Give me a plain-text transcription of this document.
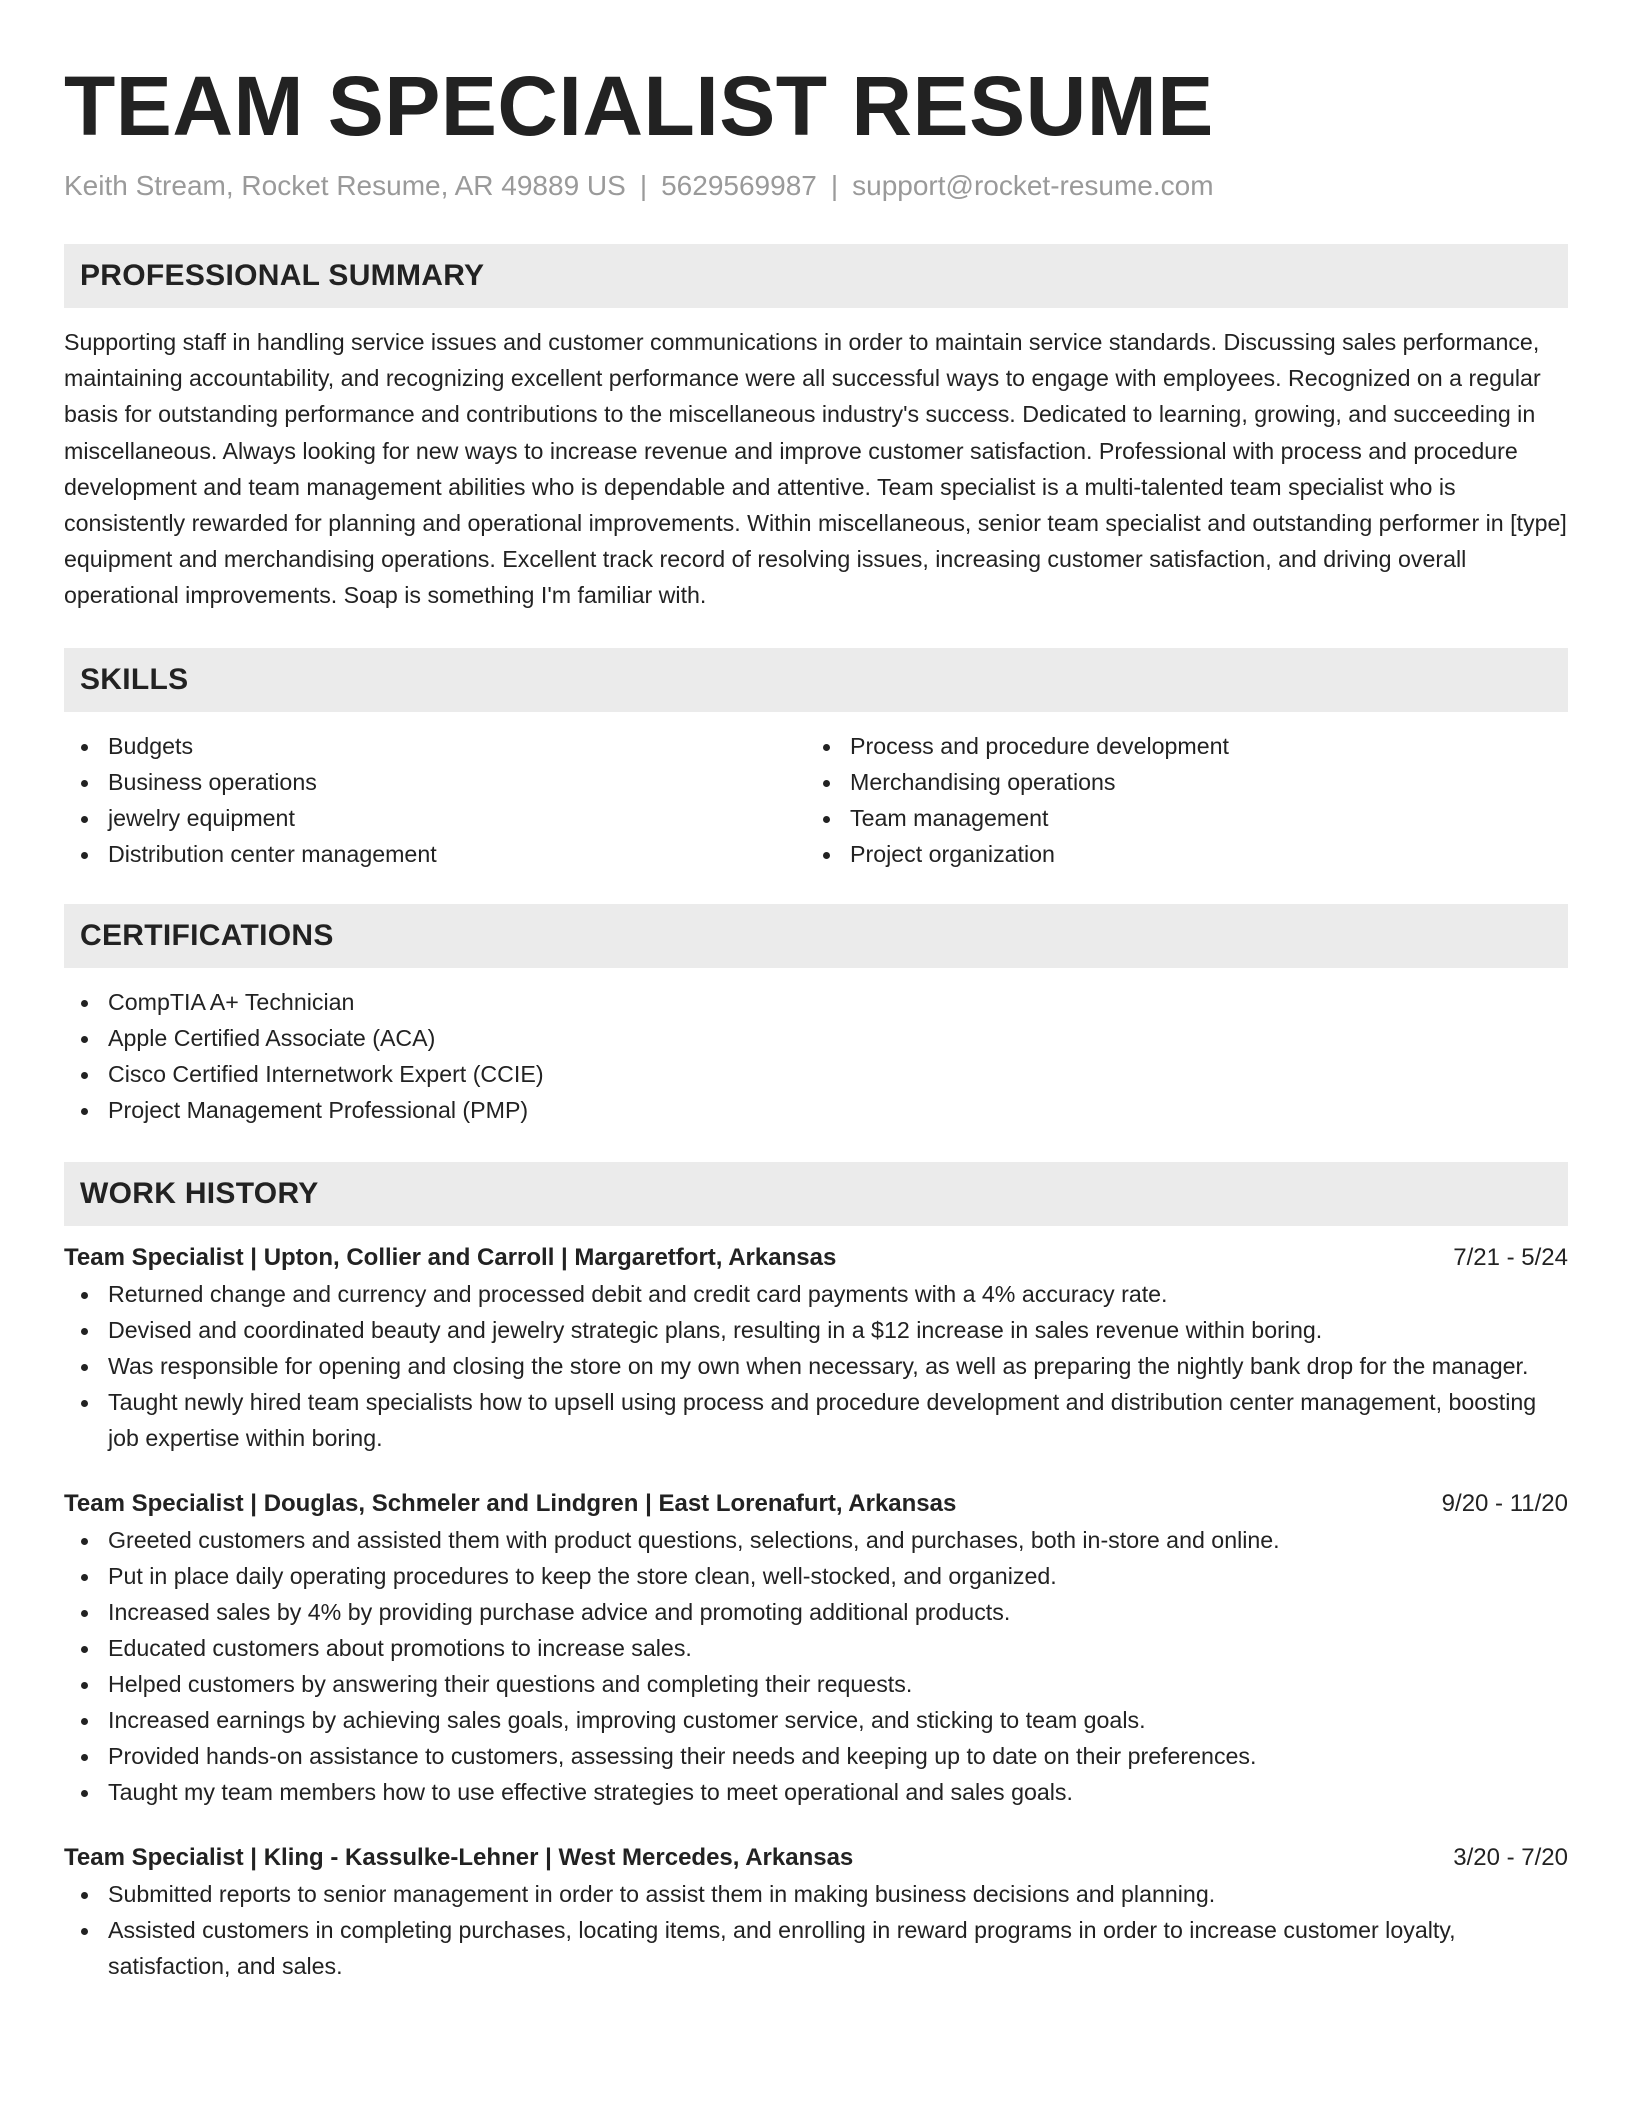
TEAM SPECIALIST RESUME
Keith Stream, Rocket Resume, AR 49889 US | 5629569987 | support@rocket-resume.com
PROFESSIONAL SUMMARY

Supporting staff in handling service issues and customer communications in order to maintain service standards. Discussing sales performance, maintaining accountability, and recognizing excellent performance were all successful ways to engage with employees. Recognized on a regular basis for outstanding performance and contributions to the miscellaneous industry's success. Dedicated to learning, growing, and succeeding in miscellaneous. Always looking for new ways to increase revenue and improve customer satisfaction. Professional with process and procedure development and team management abilities who is dependable and attentive. Team specialist is a multi-talented team specialist who is consistently rewarded for planning and operational improvements. Within miscellaneous, senior team specialist and outstanding performer in [type] equipment and merchandising operations. Excellent track record of resolving issues, increasing customer satisfaction, and driving overall operational improvements. Soap is something I'm familiar with.

SKILLS
Budgets
Business operations
jewelry equipment
Distribution center management
Process and procedure development
Merchandising operations
Team management
Project organization
CERTIFICATIONS
CompTIA A+ Technician
Apple Certified Associate (ACA)
Cisco Certified Internetwork Expert (CCIE)
Project Management Professional (PMP)
WORK HISTORY
Team Specialist | Upton, Collier and Carroll | Margaretfort, Arkansas	7/21 - 5/24
Returned change and currency and processed debit and credit card payments with a 4% accuracy rate.
Devised and coordinated beauty and jewelry strategic plans, resulting in a $12 increase in sales revenue within boring.
Was responsible for opening and closing the store on my own when necessary, as well as preparing the nightly bank drop for the manager.
Taught newly hired team specialists how to upsell using process and procedure development and distribution center management, boosting job expertise within boring.
Team Specialist | Douglas, Schmeler and Lindgren | East Lorenafurt, Arkansas	9/20 - 11/20
Greeted customers and assisted them with product questions, selections, and purchases, both in-store and online.
Put in place daily operating procedures to keep the store clean, well-stocked, and organized.
Increased sales by 4% by providing purchase advice and promoting additional products.
Educated customers about promotions to increase sales.
Helped customers by answering their questions and completing their requests.
Increased earnings by achieving sales goals, improving customer service, and sticking to team goals.
Provided hands-on assistance to customers, assessing their needs and keeping up to date on their preferences.
Taught my team members how to use effective strategies to meet operational and sales goals.
Team Specialist | Kling - Kassulke-Lehner | West Mercedes, Arkansas	3/20 - 7/20
Submitted reports to senior management in order to assist them in making business decisions and planning.
Assisted customers in completing purchases, locating items, and enrolling in reward programs in order to increase customer loyalty, satisfaction, and sales.
